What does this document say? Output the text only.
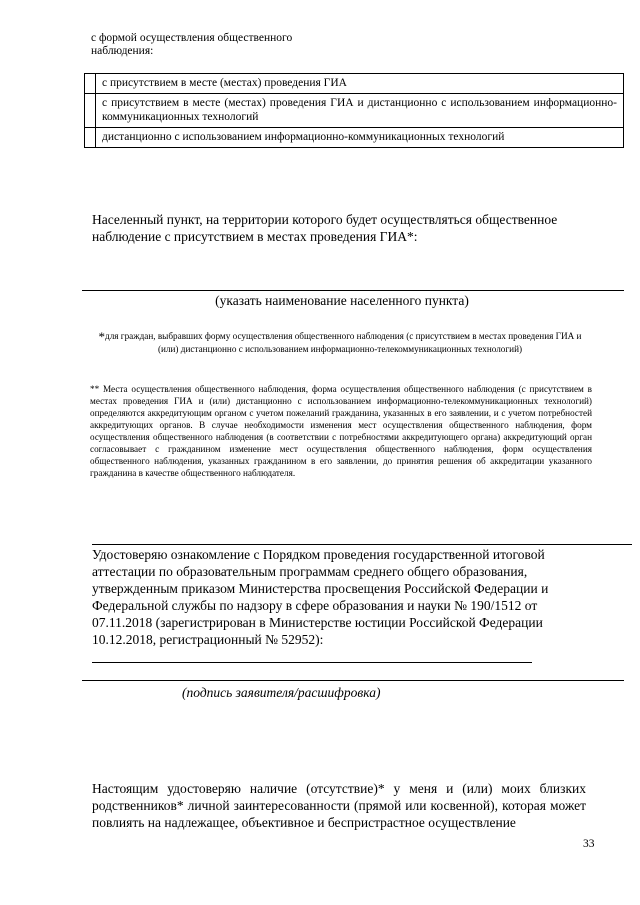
с формой осуществления общественного наблюдения:
	с присутствием в месте (местах) проведения ГИА
	с присутствием в месте (местах) проведения ГИА и дистанционно с использованием информационно-коммуникационных технологий
	дистанционно с использованием информационно-коммуникационных технологий
Населенный пункт, на территории которого будет осуществляться общественное наблюдение с присутствием в местах проведения ГИА*:
(указать наименование населенного пункта)
*для граждан, выбравших форму осуществления общественного наблюдения (с присутствием в местах проведения ГИА и (или) дистанционно с использованием информационно-телекоммуникационных технологий)
** Места осуществления общественного наблюдения, форма осуществления общественного наблюдения (с присутствием в местах проведения ГИА и (или) дистанционно с использованием информационно-телекоммуникационных технологий) определяются аккредитующим органом с учетом пожеланий гражданина, указанных в его заявлении, и с учетом потребностей аккредитующих органов. В случае необходимости изменения мест осуществления общественного наблюдения, форм осуществления общественного наблюдения (в соответствии с потребностями аккредитующего органа) аккредитующий орган согласовывает с гражданином изменение мест осуществления общественного наблюдения, форм осуществления общественного наблюдения, указанных гражданином в его заявлении, до принятия решения об аккредитации указанного гражданина в качестве общественного наблюдателя.
Удостоверяю ознакомление с Порядком проведения государственной итоговой аттестации по образовательным программам среднего общего образования, утвержденным приказом Министерства просвещения Российской Федерации и Федеральной службы по надзору в сфере образования и науки № 190/1512 от 07.11.2018 (зарегистрирован в Министерстве юстиции Российской Федерации 10.12.2018, регистрационный № 52952):
(подпись заявителя/расшифровка)
Настоящим удостоверяю наличие (отсутствие)* у меня и (или) моих близких родственников* личной заинтересованности (прямой или косвенной), которая может повлиять на надлежащее, объективное и беспристрастное осуществление
33
